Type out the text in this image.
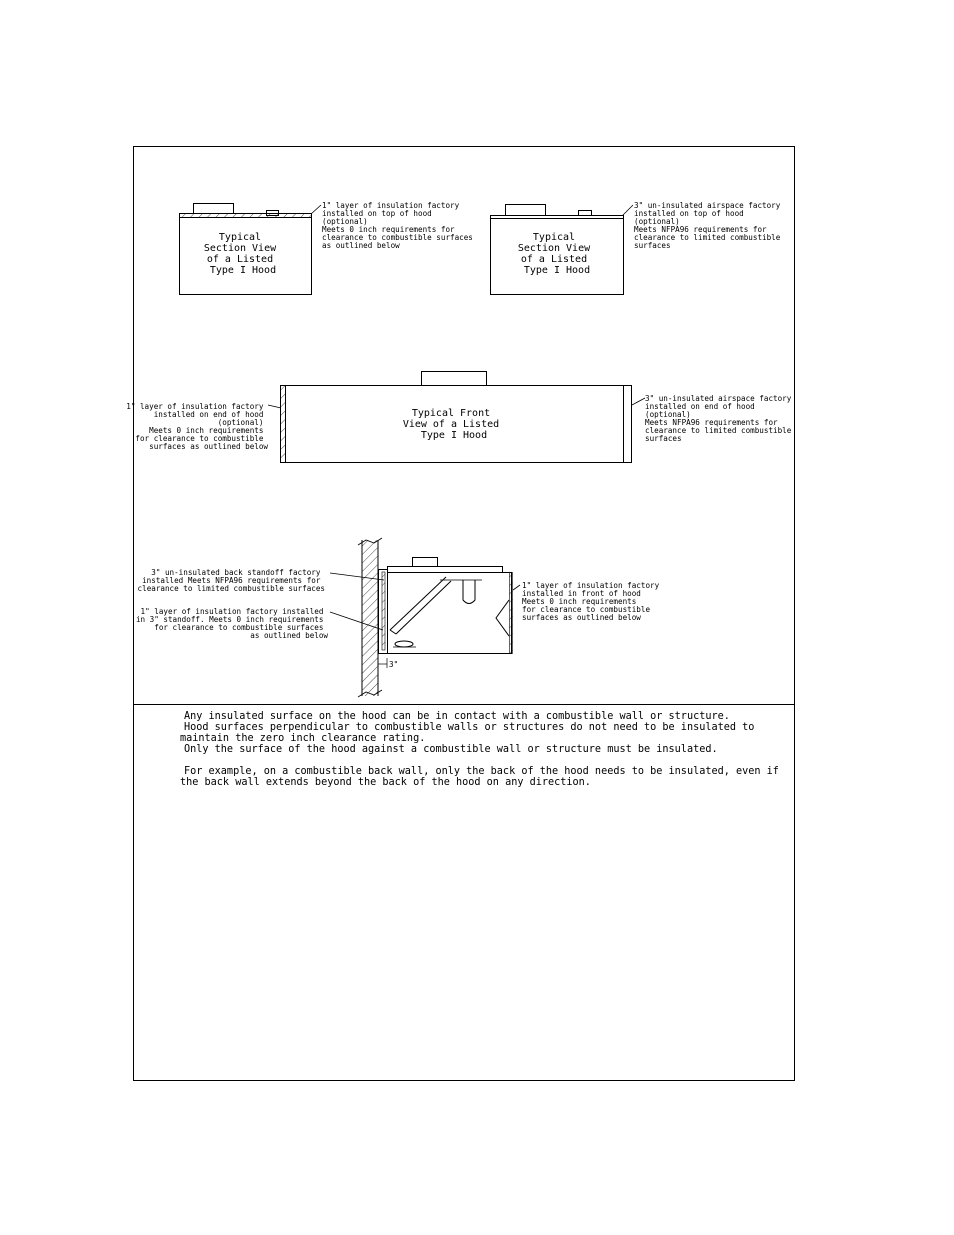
Typical Section View of a Listed Type I Hood
1" layer of insulation factory installed on top of hood (optional) Meets 0 inch requirements for clearance to combustible surfaces as outlined below
Typical Section View of a Listed Type I Hood
3" un-insulated airspace factory installed on top of hood (optional) Meets NFPA96 requirements for clearance to limited combustible surfaces
Typical Front View of a Listed Type I Hood
1" layer of insulation factory installed on end of hood (optional) Meets 0 inch requirements for clearance to combustible surfaces as outlined below
3" un-insulated airspace factory installed on end of hood (optional) Meets NFPA96 requirements for clearance to limited combustible surfaces
3"
3" un-insulated back standoff factory installed Meets NFPA96 requirements for clearance to limited combustible surfaces
1" layer of insulation factory installed in 3" standoff. Meets 0 inch requirements for clearance to combustible surfaces as outlined below
1" layer of insulation factory installed in front of hood Meets 0 inch requirements for clearance to combustible surfaces as outlined below
Any insulated surface on the hood can be in contact with a combustible wall or structure.
Hood surfaces perpendicular to combustible walls or structures do not need to be insulated to
maintain the zero inch clearance rating.
Only the surface of the hood against a combustible wall or structure must be insulated.
For example, on a combustible back wall, only the back of the hood needs to be insulated, even if
the back wall extends beyond the back of the hood on any direction.
